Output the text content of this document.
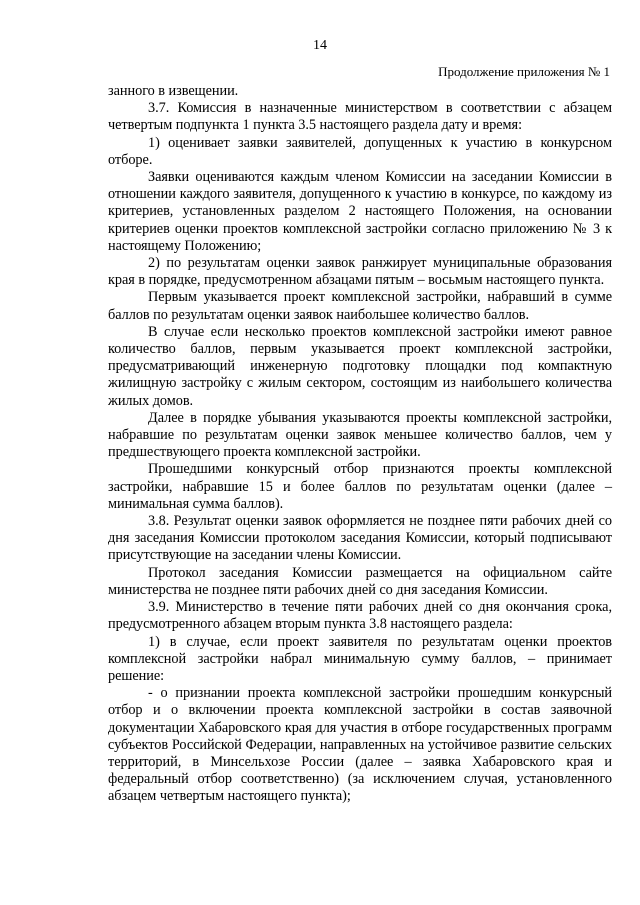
14
Продолжение приложения № 1

занного в извещении.

3.7. Комиссия в назначенные министерством в соответствии с абзацем четвертым подпункта 1 пункта 3.5 настоящего раздела дату и время:

1) оценивает заявки заявителей, допущенных к участию в конкурсном отборе.

Заявки оцениваются каждым членом Комиссии на заседании Комиссии в отношении каждого заявителя, допущенного к участию в конкурсе, по каждому из критериев, установленных разделом 2 настоящего Положения, на основании критериев оценки проектов комплексной застройки согласно приложению № 3 к настоящему Положению;

2) по результатам оценки заявок ранжирует муниципальные образования края в порядке, предусмотренном абзацами пятым – восьмым настоящего пункта.

Первым указывается проект комплексной застройки, набравший в сумме баллов по результатам оценки заявок наибольшее количество баллов.

В случае если несколько проектов комплексной застройки имеют равное количество баллов, первым указывается проект комплексной застройки, предусматривающий инженерную подготовку площадки под компактную жилищную застройку с жилым сектором, состоящим из наибольшего количества жилых домов.

Далее в порядке убывания указываются проекты комплексной застройки, набравшие по результатам оценки заявок меньшее количество баллов, чем у предшествующего проекта комплексной застройки.

Прошедшими конкурсный отбор признаются проекты комплексной застройки, набравшие 15 и более баллов по результатам оценки (далее – минимальная сумма баллов).

3.8. Результат оценки заявок оформляется не позднее пяти рабочих дней со дня заседания Комиссии протоколом заседания Комиссии, который подписывают присутствующие на заседании члены Комиссии.

Протокол заседания Комиссии размещается на официальном сайте министерства не позднее пяти рабочих дней со дня заседания Комиссии.

3.9. Министерство в течение пяти рабочих дней со дня окончания срока, предусмотренного абзацем вторым пункта 3.8 настоящего раздела:

1) в случае, если проект заявителя по результатам оценки проектов комплексной застройки набрал минимальную сумму баллов, – принимает решение:

- о признании проекта комплексной застройки прошедшим конкурсный отбор и о включении проекта комплексной застройки в состав заявочной документации Хабаровского края для участия в отборе государственных программ субъектов Российской Федерации, направленных на устойчивое развитие сельских территорий, в Минсельхозе России (далее – заявка Хабаровского края и федеральный отбор соответственно) (за исключением случая, установленного абзацем четвертым настоящего пункта);
